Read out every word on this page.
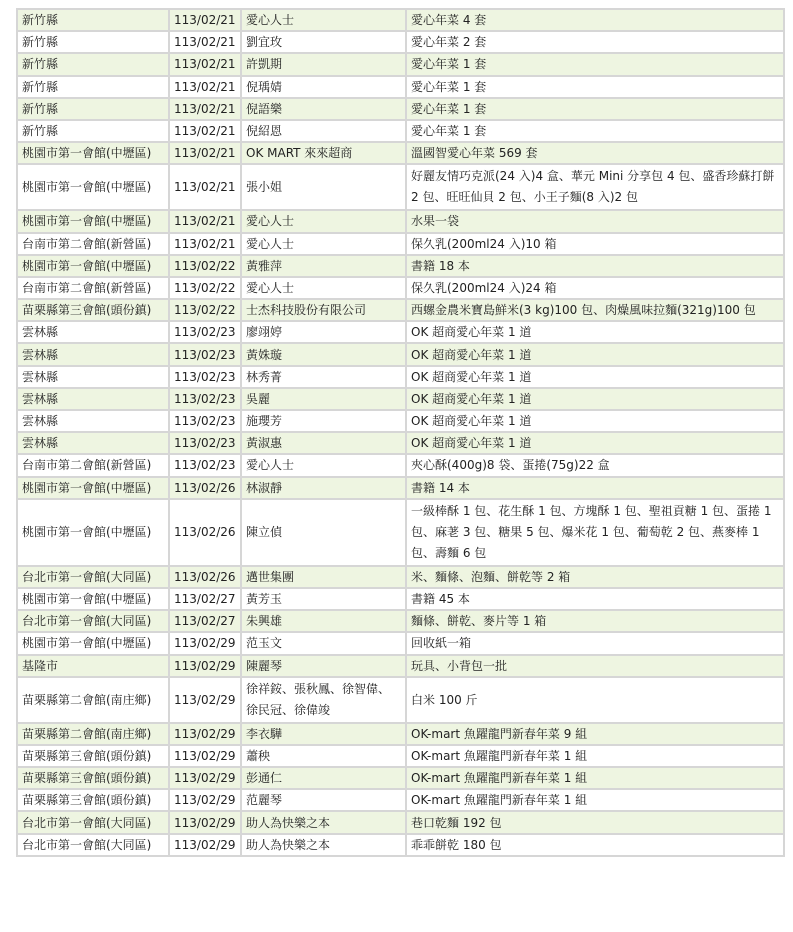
新竹縣	113/02/21	愛心人士	愛心年菜 4 套
新竹縣	113/02/21	劉宜玫	愛心年菜 2 套
新竹縣	113/02/21	許凱期	愛心年菜 1 套
新竹縣	113/02/21	倪瑀婧	愛心年菜 1 套
新竹縣	113/02/21	倪語樂	愛心年菜 1 套
新竹縣	113/02/21	倪紹恩	愛心年菜 1 套
桃園市第一會館(中壢區)	113/02/21	OK MART 來來超商	溫國智愛心年菜 569 套
桃園市第一會館(中壢區)	113/02/21	張小姐	好麗友情巧克派(24 入)4 盒、華元 Mini 分享包 4 包、盛香珍蘇打餅 2 包、旺旺仙貝 2 包、小王子麵(8 入)2 包
桃園市第一會館(中壢區)	113/02/21	愛心人士	水果一袋
台南市第二會館(新營區)	113/02/21	愛心人士	保久乳(200ml24 入)10 箱
桃園市第一會館(中壢區)	113/02/22	黃雅萍	書籍 18 本
台南市第二會館(新營區)	113/02/22	愛心人士	保久乳(200ml24 入)24 箱
苗栗縣第三會館(頭份鎮)	113/02/22	士杰科技股份有限公司	西螺金農米寶島鮮米(3 kg)100 包、肉燥風味拉麵(321g)100 包
雲林縣	113/02/23	廖翊婷	OK 超商愛心年菜 1 道
雲林縣	113/02/23	黃姝璇	OK 超商愛心年菜 1 道
雲林縣	113/02/23	林秀菁	OK 超商愛心年菜 1 道
雲林縣	113/02/23	吳麗	OK 超商愛心年菜 1 道
雲林縣	113/02/23	施瓔芳	OK 超商愛心年菜 1 道
雲林縣	113/02/23	黃淑惠	OK 超商愛心年菜 1 道
台南市第二會館(新營區)	113/02/23	愛心人士	夾心酥(400g)8 袋、蛋捲(75g)22 盒
桃園市第一會館(中壢區)	113/02/26	林淑靜	書籍 14 本
桃園市第一會館(中壢區)	113/02/26	陳立偵	一級棒酥 1 包、花生酥 1 包、方塊酥 1 包、聖祖貢糖 1 包、蛋捲 1 包、麻荖 3 包、糖果 5 包、爆米花 1 包、葡萄乾 2 包、燕麥棒 1 包、壽麵 6 包
台北市第一會館(大同區)	113/02/26	邁世集團	米、麵條、泡麵、餅乾等 2 箱
桃園市第一會館(中壢區)	113/02/27	黃芳玉	書籍 45 本
台北市第一會館(大同區)	113/02/27	朱興雄	麵條、餅乾、麥片等 1 箱
桃園市第一會館(中壢區)	113/02/29	范玉文	回收紙一箱
基隆市	113/02/29	陳麗琴	玩具、小背包一批
苗栗縣第二會館(南庄鄉)	113/02/29	徐祥銨、張秋鳳、徐智偉、徐民冠、徐偉竣	白米 100 斤
苗栗縣第二會館(南庄鄉)	113/02/29	李衣驊	OK-mart 魚躍龍門新春年菜 9 組
苗栗縣第三會館(頭份鎮)	113/02/29	蕭秧	OK-mart 魚躍龍門新春年菜 1 組
苗栗縣第三會館(頭份鎮)	113/02/29	彭通仁	OK-mart 魚躍龍門新春年菜 1 組
苗栗縣第三會館(頭份鎮)	113/02/29	范麗琴	OK-mart 魚躍龍門新春年菜 1 組
台北市第一會館(大同區)	113/02/29	助人為快樂之本	巷口乾麵 192 包
台北市第一會館(大同區)	113/02/29	助人為快樂之本	乖乖餅乾 180 包
